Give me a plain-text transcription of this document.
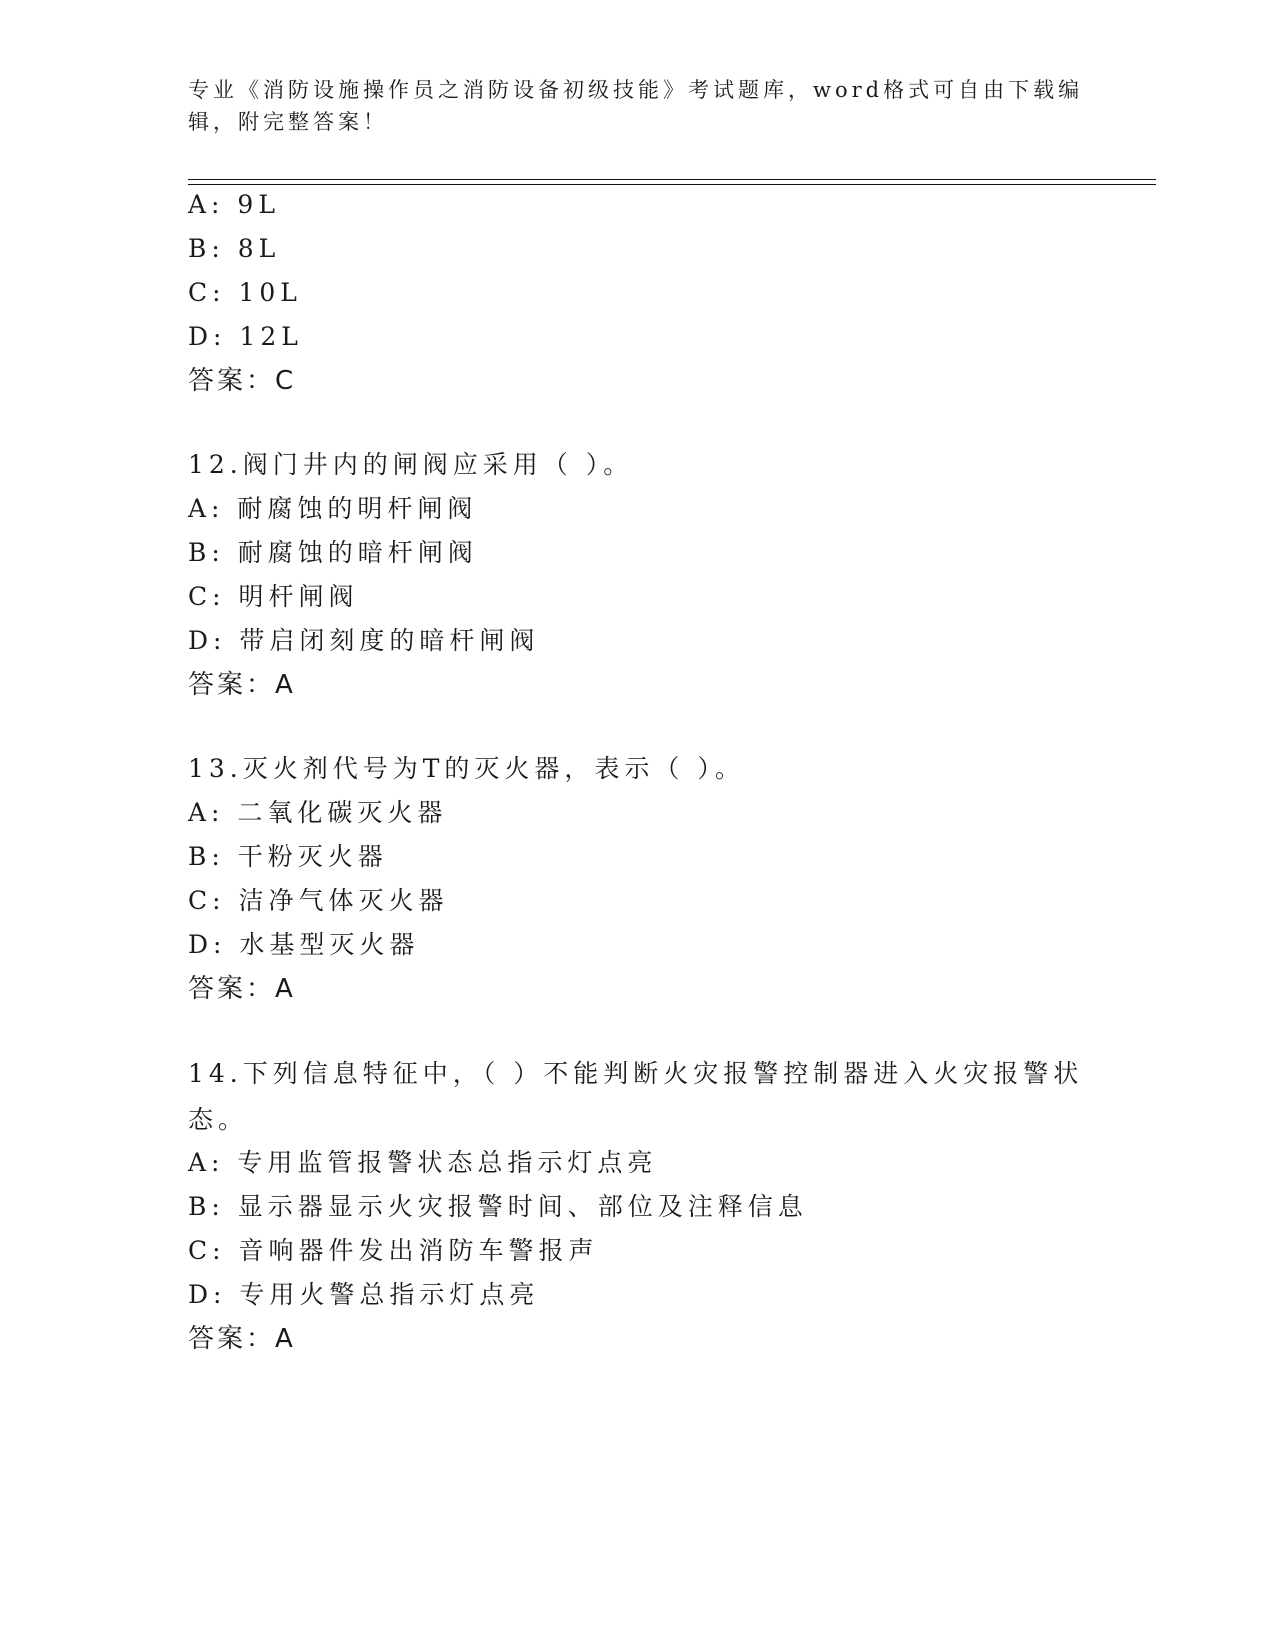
专业《消防设施操作员之消防设备初级技能》考试题库，word格式可自由下载编辑，附完整答案！
A: 9L
B: 8L
C: 10L
D: 12L
答案：C
12.阀门井内的闸阀应采用（ ）。
A: 耐腐蚀的明杆闸阀
B: 耐腐蚀的暗杆闸阀
C: 明杆闸阀
D: 带启闭刻度的暗杆闸阀
答案：A
13.灭火剂代号为T的灭火器，表示（ ）。
A: 二氧化碳灭火器
B: 干粉灭火器
C: 洁净气体灭火器
D: 水基型灭火器
答案：A
14.下列信息特征中，（ ）不能判断火灾报警控制器进入火灾报警状态。
A: 专用监管报警状态总指示灯点亮
B: 显示器显示火灾报警时间、部位及注释信息
C: 音响器件发出消防车警报声
D: 专用火警总指示灯点亮
答案：A
